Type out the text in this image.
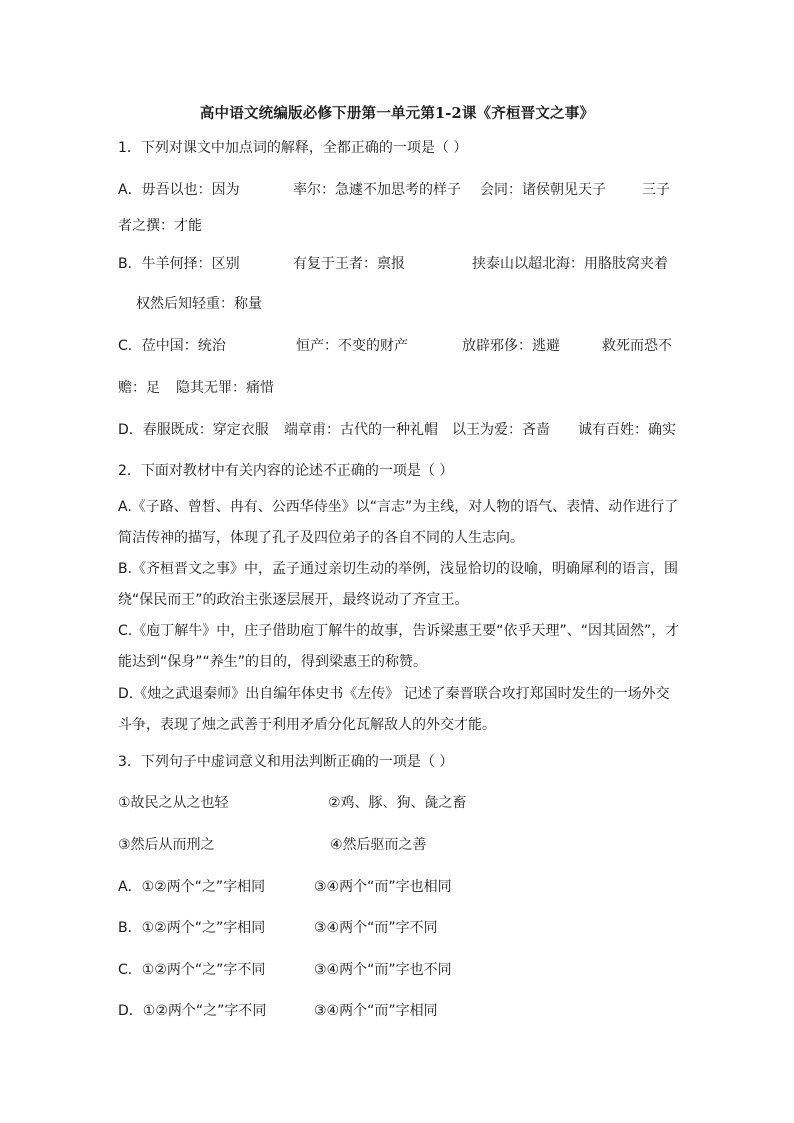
高中语文统编版必修下册第一单元第1-2课《齐桓晋文之事》
1．下列对课文中加点词的解释，全都正确的一项是（ ）
A．毋吾以也：因为	率尔：急遽不加思考的样子 会同：诸侯朝见天子	三子
者之撰：才能
B．牛羊何择：区别	有复于王者：禀报	挟泰山以超北海：用胳肢窝夹着
权然后知轻重：称量
C．莅中国：统治	恒产：不变的财产	放辟邪侈：逃避	救死而恐不
赡：足 隐其无罪：痛惜
D．春服既成：穿定衣服 端章甫：古代的一种礼帽 以王为爱：吝啬 诚有百姓：确实
2．下面对教材中有关内容的论述不正确的一项是（ ）
A.《子路、曾皙、冉有、公西华侍坐》以“言志”为主线，对人物的语气、表情、动作进行了
简洁传神的描写，体现了孔子及四位弟子的各自不同的人生志向。
B.《齐桓晋文之事》中，孟子通过亲切生动的举例，浅显恰切的设喻，明确犀利的语言，围
绕“保民而王”的政治主张逐层展开，最终说动了齐宣王。
C.《庖丁解牛》中，庄子借助庖丁解牛的故事，告诉梁惠王要“依乎天理”、“因其固然”，才
能达到“保身”“养生”的目的，得到梁惠王的称赞。
D.《烛之武退秦师》出自编年体史书《左传》 记述了秦晋联合攻打郑国时发生的一场外交
斗争，表现了烛之武善于利用矛盾分化瓦解敌人的外交才能。
3．下列句子中虚词意义和用法判断正确的一项是（ ）
①故民之从之也轻	②鸡、豚、狗、彘之畜
③然后从而刑之	④然后驱而之善
A．①②两个“之”字相同	③④两个“而”字也相同
B．①②两个“之”字相同	③④两个“而”字不同
C．①②两个“之”字不同	③④两个“而”字也不同
D．①②两个“之”字不同	③④两个“而”字相同
